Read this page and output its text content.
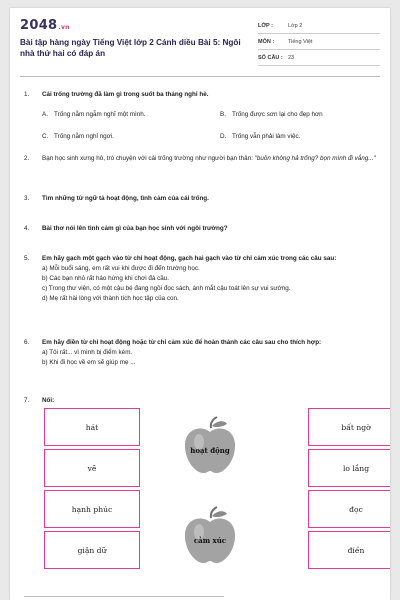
2048.vn
Bài tập hàng ngày Tiếng Việt lớp 2 Cánh diều Bài 5: Ngôi nhà thứ hai có đáp án
LỚP :	Lớp 2
MÔN :	Tiếng Việt
SỐ CÂU : 23
1.	Cái trống trường đã làm gì trong suốt ba tháng nghỉ hè.
A. Trống nằm ngẫm nghĩ một mình.	B. Trống được sơn lại cho đẹp hơn
C. Trống nằm nghỉ ngơi.	D. Trống vẫn phải làm việc.
2.	Bạn học sinh xưng hô, trò chuyện với cái trống trường như người bạn thân: "buồn không hả trống? bọn mình đi vắng..."
3.	Tìm những từ ngữ tả hoạt động, tình cảm của cái trống.
4.	Bài thơ nói lên tình cảm gì của bạn học sinh với ngôi trường?
5.	Em hãy gạch một gạch vào từ chỉ hoạt động, gạch hai gạch vào từ chỉ cảm xúc trong các câu sau:
a) Mỗi buổi sáng, em rất vui khi được đi đến trường học.
b) Các bạn nhỏ rất háo hứng khi chơi đá cầu.
c) Trong thư viện, có một cậu bé đang ngồi đọc sách, ánh mắt cậu toát lên sự vui sướng.
d) Mẹ rất hài lòng với thành tích học tập của con.
6.	Em hãy điền từ chỉ hoạt động hoặc từ chỉ cảm xúc để hoàn thành các câu sau cho thích hợp:
a) Tôi rất... vì mình bị điểm kém.
b) Khi đi học về em sẽ giúp mẹ ...
7.	Nối:
hát
vẽ
hạnh phúc
giận dữ
bất ngờ
lo lắng
đọc
điền
hoạt động
cảm xúc
